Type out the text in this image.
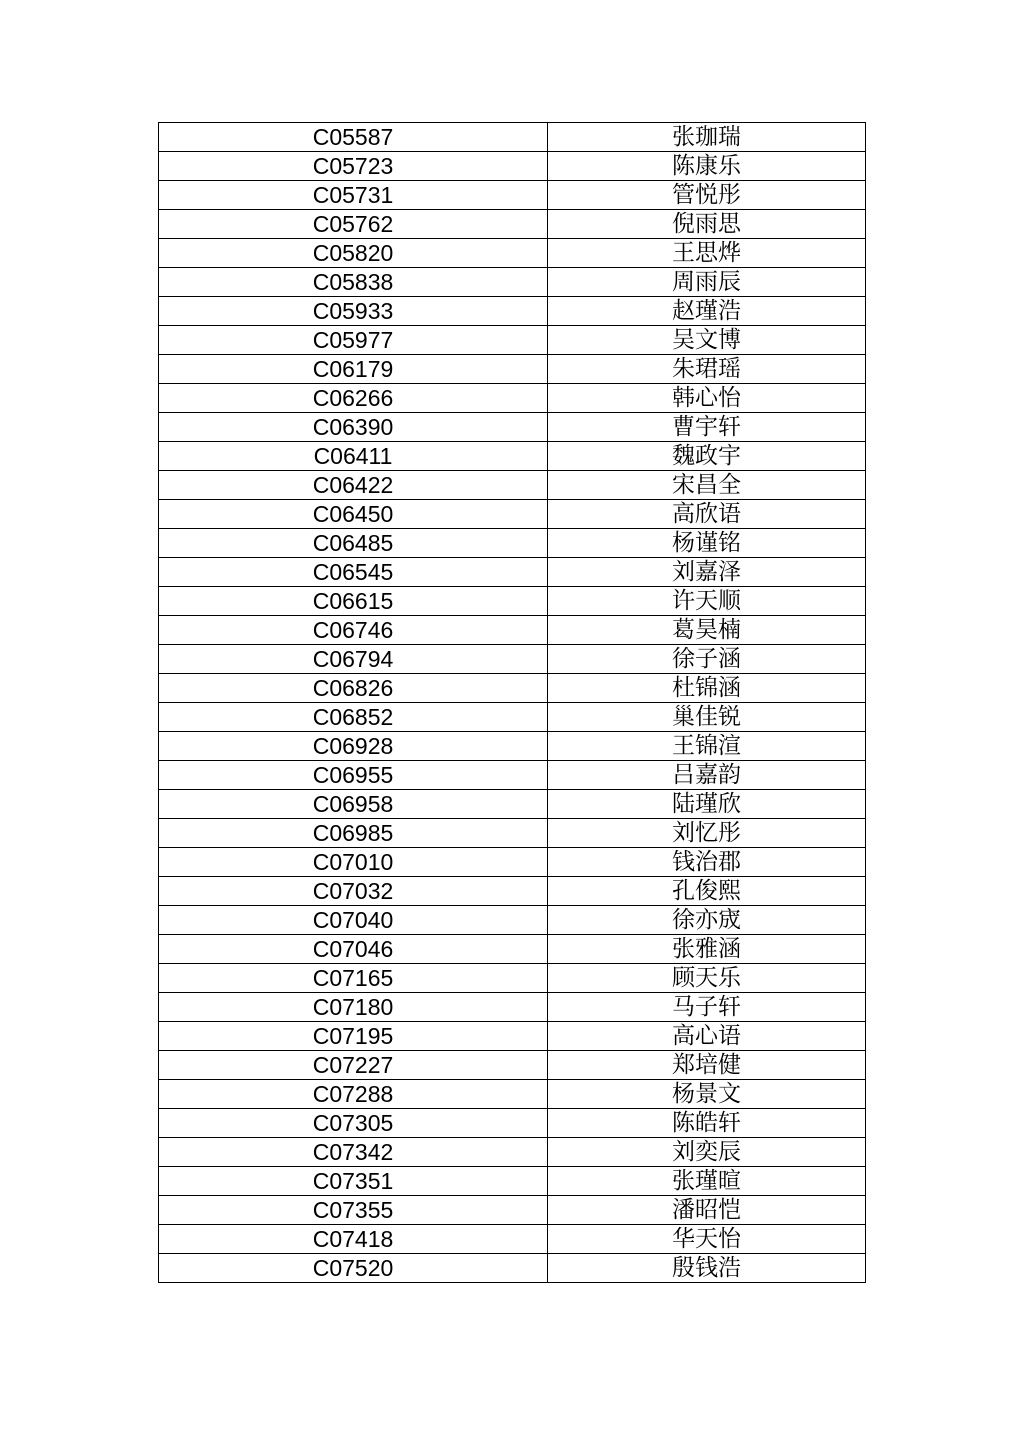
C05587	张珈瑞
C05723	陈康乐
C05731	管悦彤
C05762	倪雨思
C05820	王思烨
C05838	周雨辰
C05933	赵瑾浩
C05977	吴文博
C06179	朱珺瑶
C06266	韩心怡
C06390	曹宇轩
C06411	魏政宇
C06422	宋昌全
C06450	高欣语
C06485	杨谨铭
C06545	刘嘉泽
C06615	许天顺
C06746	葛昊楠
C06794	徐子涵
C06826	杜锦涵
C06852	巢佳锐
C06928	王锦渲
C06955	吕嘉韵
C06958	陆瑾欣
C06985	刘忆彤
C07010	钱治郡
C07032	孔俊熙
C07040	徐亦宬
C07046	张雅涵
C07165	顾天乐
C07180	马子轩
C07195	高心语
C07227	郑培健
C07288	杨景文
C07305	陈皓轩
C07342	刘奕辰
C07351	张瑾暄
C07355	潘昭恺
C07418	华天怡
C07520	殷钱浩
